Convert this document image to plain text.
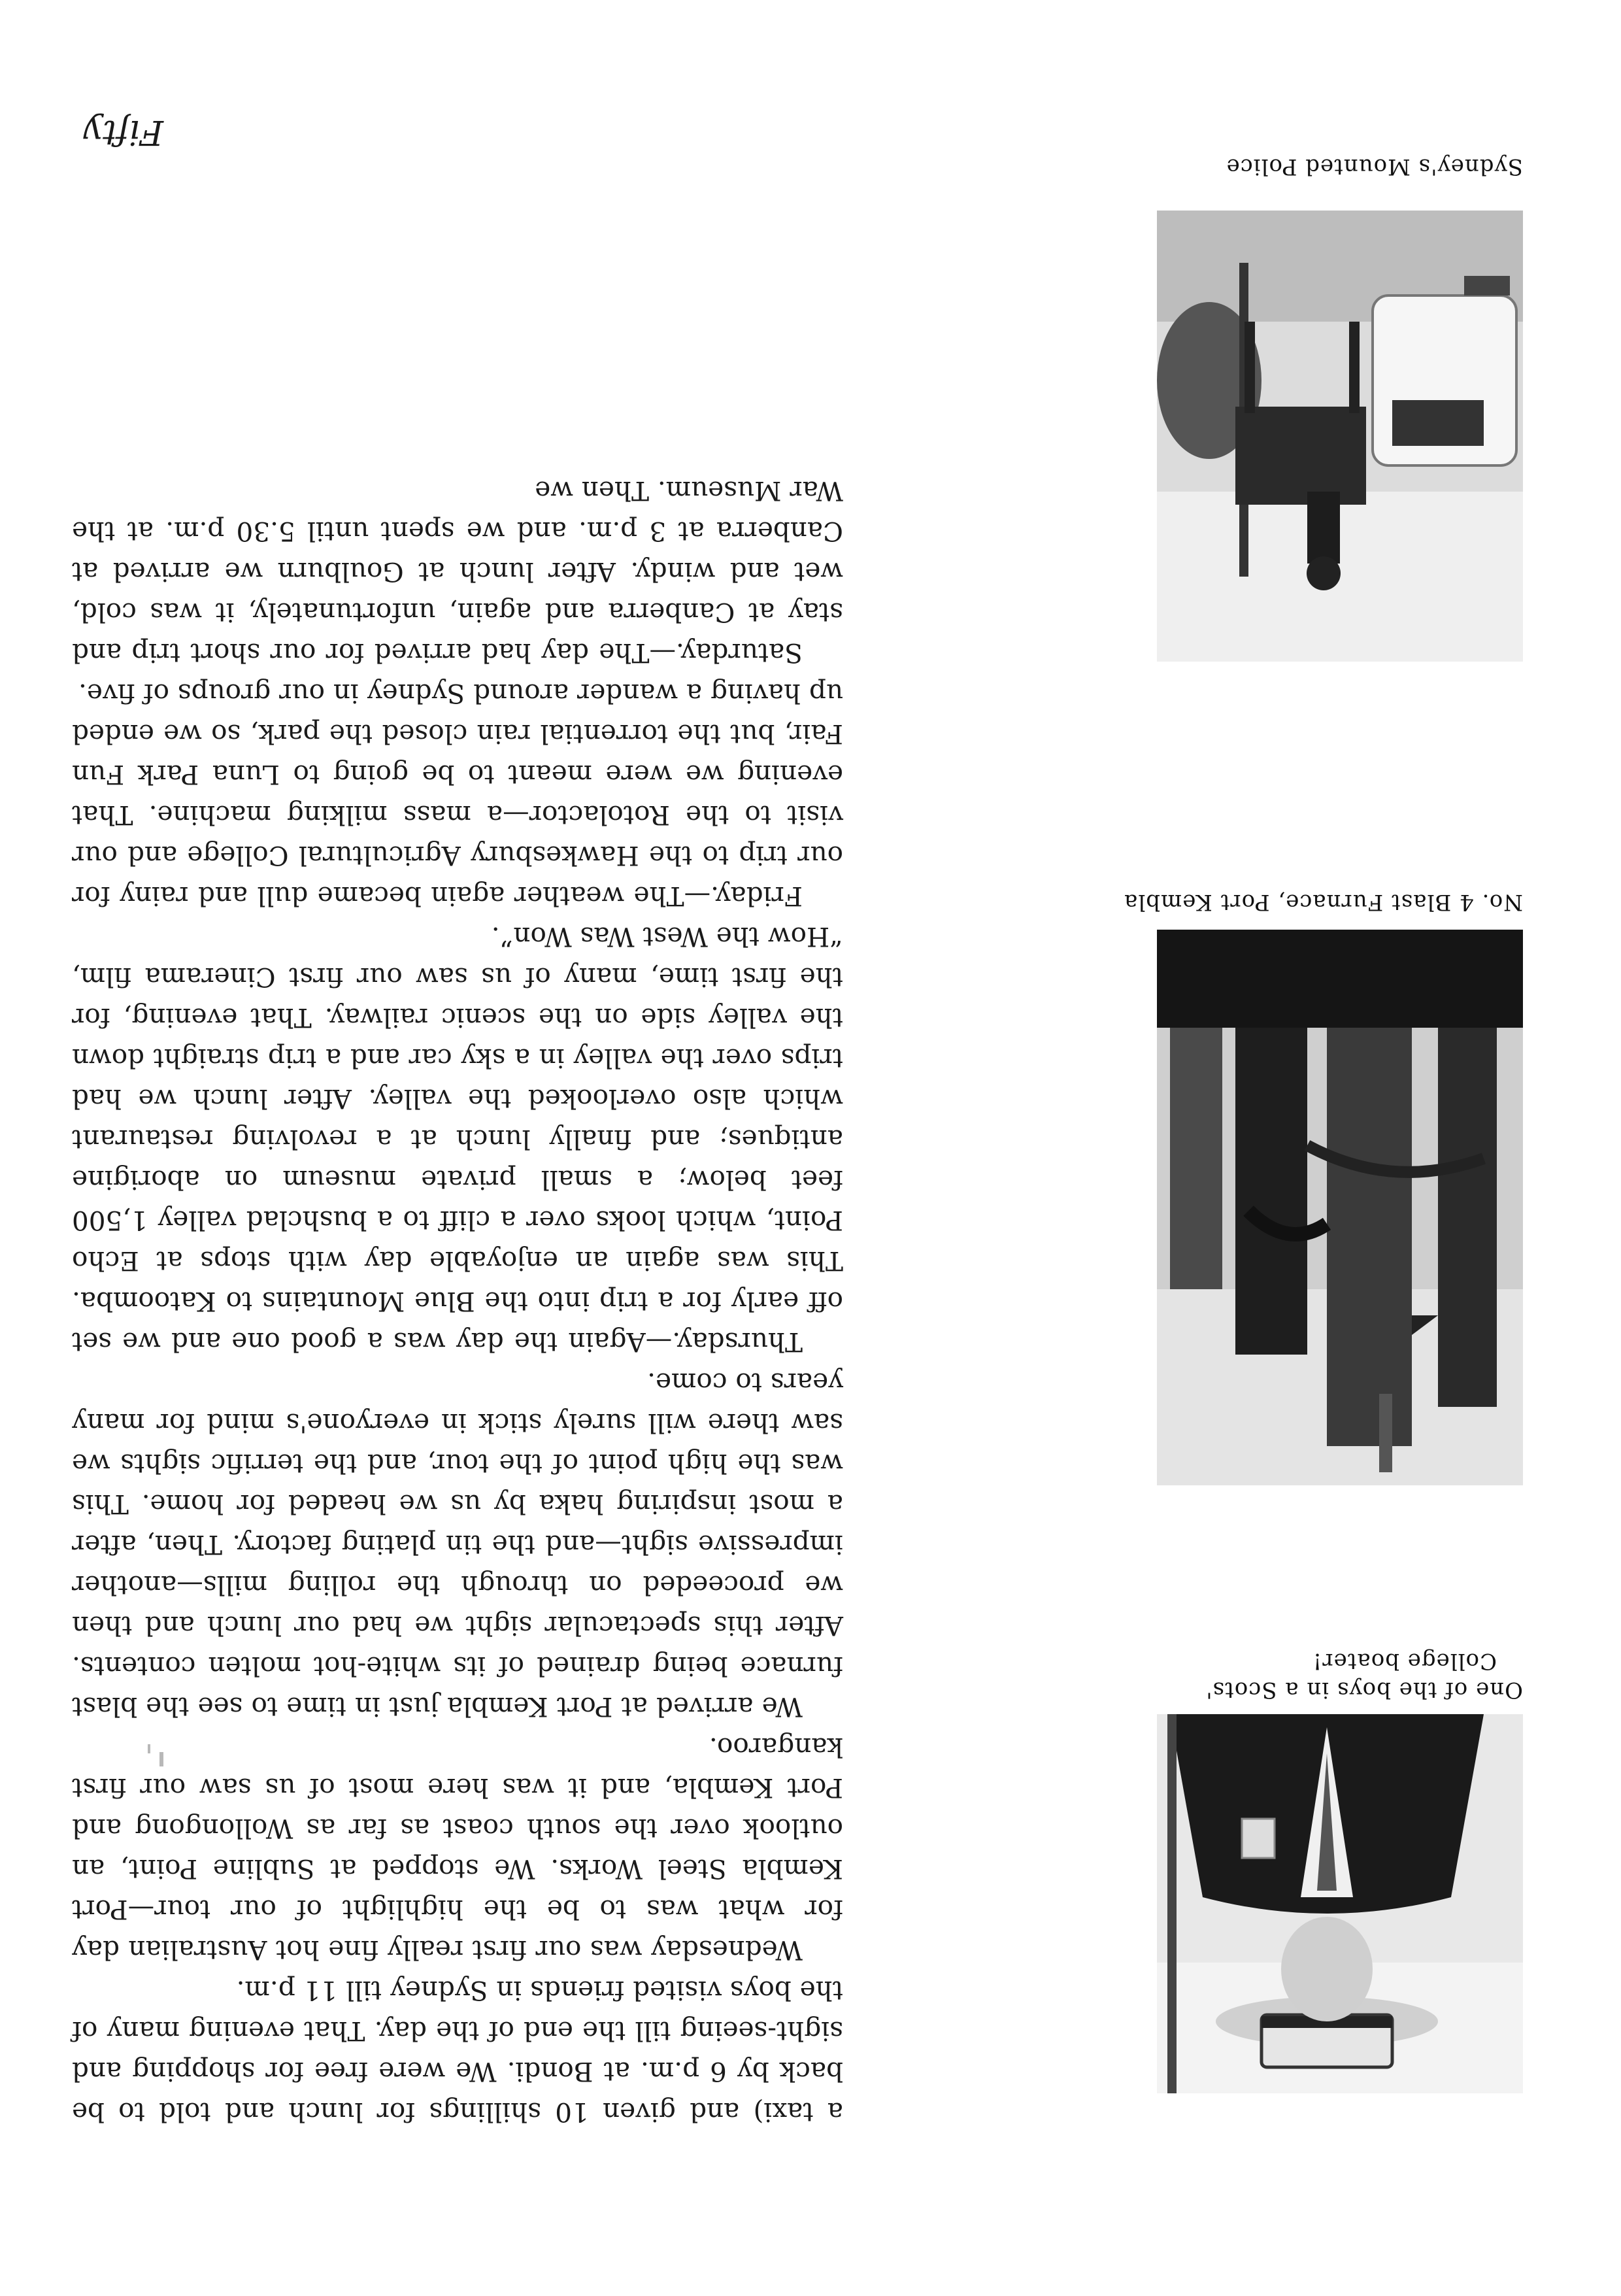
Fifty
One of the boys in a Scots'
College boater!
No. 4 Blast Furnace, Port Kembla
Sydney's Mounted Police

a taxi) and given 10 shillings for lunch and told to be back by 6 p.m. at Bondi. We were free for shopping and sight-seeing till the end of the day. That evening many of the boys visited friends in Sydney till 11 p.m.

Wednesday was our first really fine hot Australian day for what was to be the highlight of our tour—Port Kembla Steel Works. We stopped at Subline Point, an outlook over the south coast as far as Wollongong and Port Kembla, and it was here most of us saw our first kangaroo.

We arrived at Port Kembla just in time to see the blast furnace being drained of its white-hot molten contents. After this spectacular sight we had our lunch and then we proceeded on through the rolling mills—another impressive sight—and the tin plating factory. Then, after a most inspiring haka by us we headed for home. This was the high point of the tour, and the terrific sights we saw there will surely stick in everyone's mind for many years to come.

Thursday.—Again the day was a good one and we set off early for a trip into the Blue Mountains to Katoomba. This was again an enjoyable day with stops at Echo Point, which looks over a cliff to a bushclad valley 1,500 feet below; a small private museum on aborigine antiques; and finally lunch at a revolving restaurant which also overlooked the valley. After lunch we had trips over the valley in a sky car and a trip straight down the valley side on the scenic railway. That evening, for the first time, many of us saw our first Cinerama film, “How the West Was Won”.

Friday.—The weather again became dull and rainy for our trip to the Hawkesbury Agricultural College and our visit to the Rotolactor—a mass milking machine. That evening we were meant to be going to Luna Park Fun Fair, but the torrential rain closed the park, so we ended up having a wander around Sydney in our groups of five.

Saturday.—The day had arrived for our short trip and stay at Canberra and again, unfortunately, it was cold, wet and windy. After lunch at Goulburn we arrived at Canberra at 3 p.m. and we spent until 5.30 p.m. at the War Museum. Then we
